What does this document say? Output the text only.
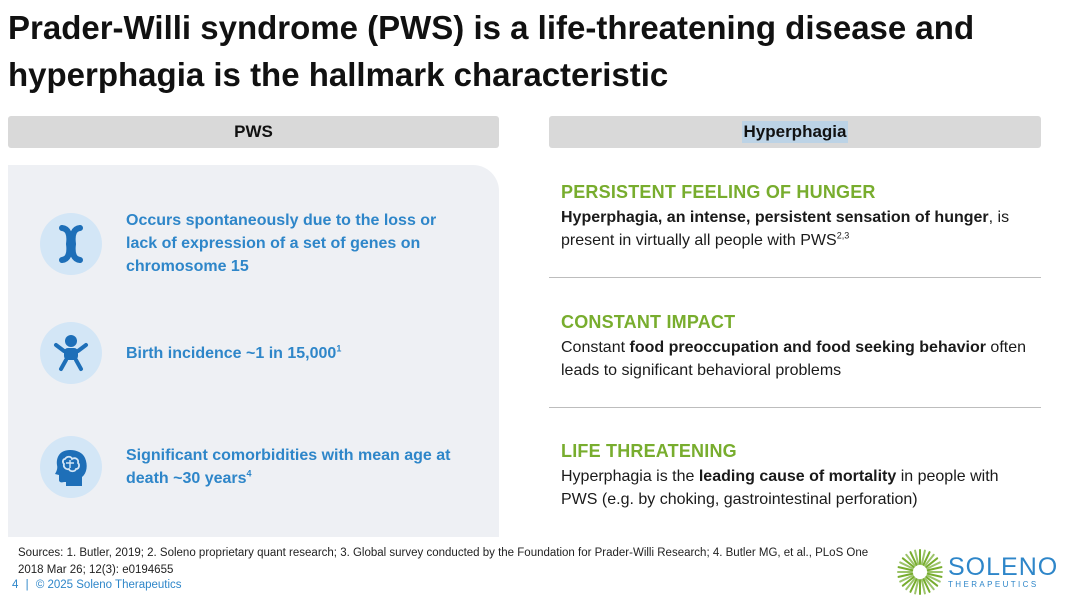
Prader-Willi syndrome (PWS) is a life-threatening disease and hyperphagia is the hallmark characteristic
PWS	Hyperphagia
Occurs spontaneously due to the loss or lack of expression of a set of genes on chromosome 15
Birth incidence ~1 in 15,000$^1$
Significant comorbidities with mean age at death ~30 years$^4$
PERSISTENT FEELING OF HUNGER
Hyperphagia, an intense, persistent sensation of hunger, is present in virtually all people with PWS$^{2,3}$
CONSTANT IMPACT
Constant food preoccupation and food seeking behavior often leads to significant behavioral problems
LIFE THREATENING
Hyperphagia is the leading cause of mortality in people with PWS (e.g. by choking, gastrointestinal perforation)
Sources: 1. Butler, 2019; 2. Soleno proprietary quant research; 3. Global survey conducted by the Foundation for Prader-Willi Research; 4. Butler MG, et al., PLoS One 2018 Mar 26; 12(3): e0194655
4 | © 2025 Soleno Therapeutics
SOLENO
THERAPEUTICS
